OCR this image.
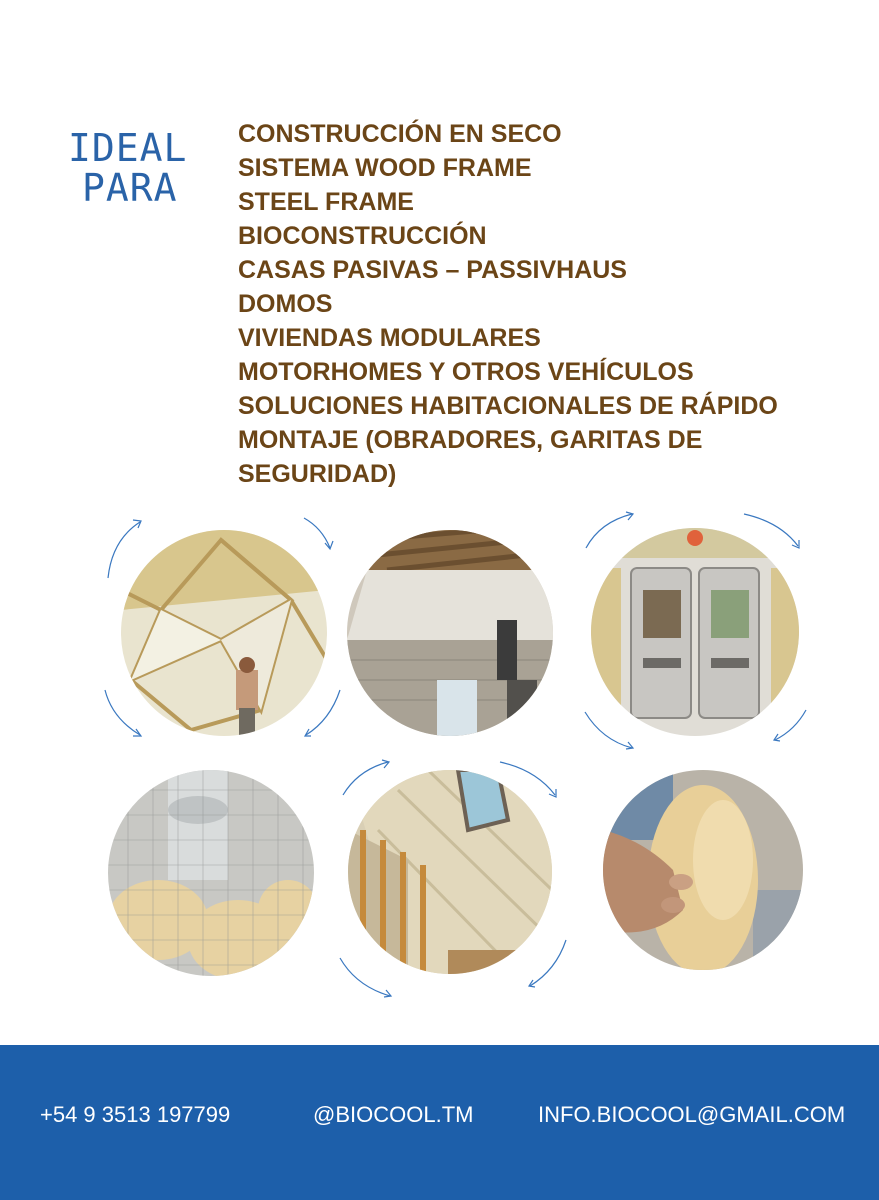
IDEAL
PARA
CONSTRUCCIÓN EN SECO
SISTEMA WOOD FRAME
STEEL FRAME
BIOCONSTRUCCIÓN
CASAS PASIVAS – PASSIVHAUS
DOMOS
VIVIENDAS MODULARES
MOTORHOMES Y OTROS VEHÍCULOS
SOLUCIONES HABITACIONALES DE RÁPIDO
MONTAJE (OBRADORES, GARITAS DE
SEGURIDAD)
+54 9 3513 197799	@BIOCOOL.TM	INFO.BIOCOOL@GMAIL.COM
